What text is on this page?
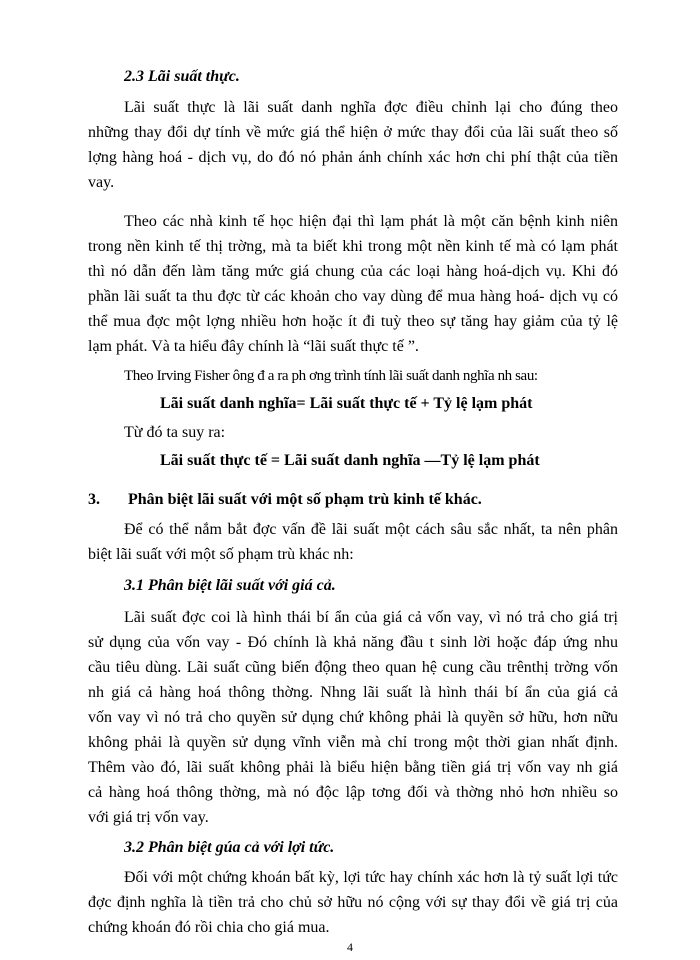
2.3 Lãi suất thực.
Lãi suất thực là lãi suất danh nghĩa đợc điều chỉnh lại cho đúng theo
những thay đổi dự tính về mức giá thể hiện ở mức thay đổi của lãi suất theo số
lợng hàng hoá - dịch vụ, do đó nó phản ánh chính xác hơn chi phí thật của tiền
vay.
Theo các nhà kinh tế học hiện đại thì lạm phát là một căn bệnh kinh niên
trong nền kinh tế thị trờng, mà ta biết khi trong một nền kinh tế mà có lạm phát
thì nó dẫn đến làm tăng mức giá chung của các loại hàng hoá-dịch vụ. Khi đó
phần lãi suất ta thu đợc từ các khoản cho vay dùng để mua hàng hoá- dịch vụ có
thể mua đợc một lợng nhiều hơn hoặc ít đi tuỳ theo sự tăng hay giảm của tỷ lệ
lạm phát. Và ta hiểu đây chính là “lãi suất thực tế ”.
Theo Irving Fisher ông đ a ra ph ơng trình tính lãi suất danh nghĩa nh sau:
Lãi suất danh nghĩa= Lãi suất thực tế + Tỷ lệ lạm phát
Từ đó ta suy ra:
Lãi suất thực tế = Lãi suất danh nghĩa —Tỷ lệ lạm phát
3. Phân biệt lãi suất với một số phạm trù kinh tế khác.
Để có thể nắm bắt đợc vấn đề lãi suất một cách sâu sắc nhất, ta nên phân
biệt lãi suất với một số phạm trù khác nh:
3.1 Phân biệt lãi suất với giá cả.
Lãi suất đợc coi là hình thái bí ẩn của giá cả vốn vay, vì nó trả cho giá trị
sử dụng của vốn vay - Đó chính là khả năng đầu t sinh lời hoặc đáp ứng nhu
cầu tiêu dùng. Lãi suất cũng biến động theo quan hệ cung cầu trênthị trờng vốn
nh giá cả hàng hoá thông thờng. Nhng lãi suất là hình thái bí ẩn của giá cả
vốn vay vì nó trả cho quyền sử dụng chứ không phải là quyền sở hữu, hơn nữu
không phải là quyền sử dụng vĩnh viễn mà chỉ trong một thời gian nhất định.
Thêm vào đó, lãi suất không phải là biểu hiện bằng tiền giá trị vốn vay nh giá
cả hàng hoá thông thờng, mà nó độc lập tơng đối và thờng nhỏ hơn nhiều so
với giá trị vốn vay.
3.2 Phân biệt gúa cả với lợi tức.
Đối với một chứng khoán bất kỳ, lợi tức hay chính xác hơn là tỷ suất lợi tức
đợc định nghĩa là tiền trả cho chủ sở hữu nó cộng với sự thay đổi về giá trị của
chứng khoán đó rồi chia cho giá mua.
4
